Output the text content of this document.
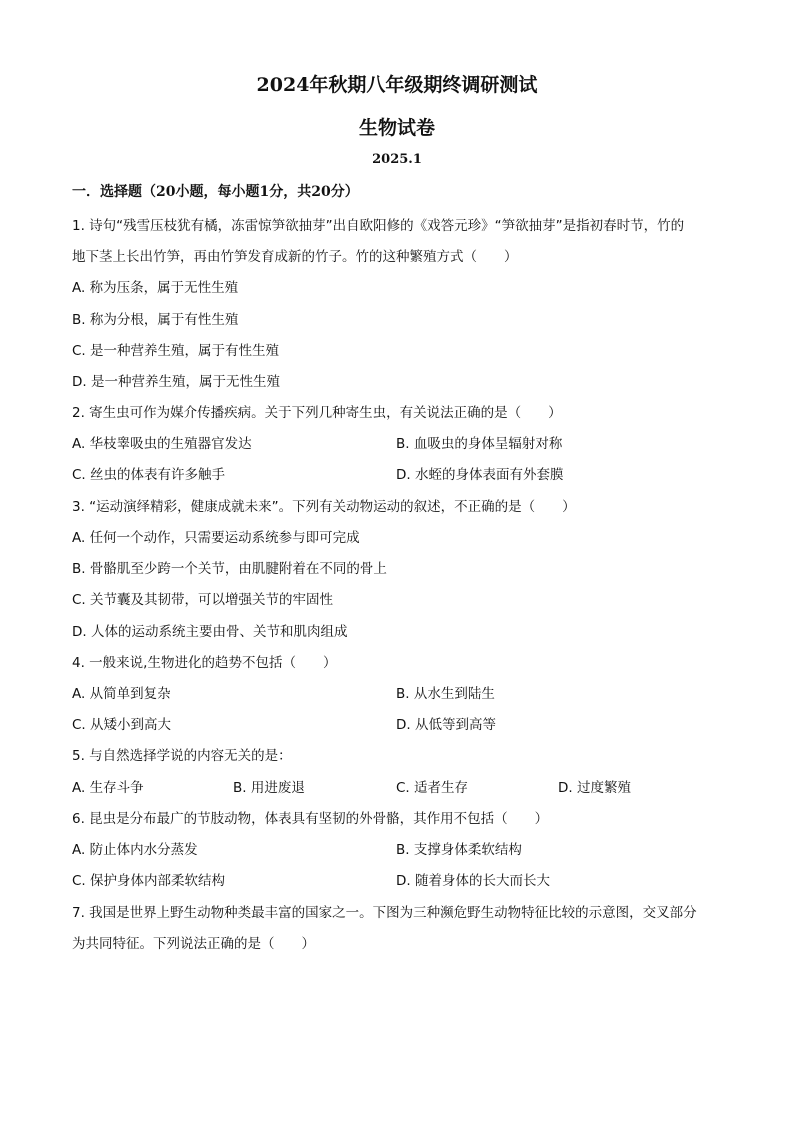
2024年秋期八年级期终调研测试
生物试卷
2025.1
一．选择题（20小题，每小题1分，共20分）
1. 诗句“残雪压枝犹有橘，冻雷惊笋欲抽芽”出自欧阳修的《戏答元珍》“笋欲抽芽”是指初春时节，竹的
地下茎上长出竹笋，再由竹笋发育成新的竹子。竹的这种繁殖方式（　　）
A. 称为压条，属于无性生殖
B. 称为分根，属于有性生殖
C. 是一种营养生殖，属于有性生殖
D. 是一种营养生殖，属于无性生殖
2. 寄生虫可作为媒介传播疾病。关于下列几种寄生虫，有关说法正确的是（　　）
A. 华枝睾吸虫的生殖器官发达	B. 血吸虫的身体呈辐射对称
C. 丝虫的体表有许多触手	D. 水蛭的身体表面有外套膜
3. “运动演绎精彩，健康成就未来”。下列有关动物运动的叙述，不正确的是（　　）
A. 任何一个动作，只需要运动系统参与即可完成
B. 骨骼肌至少跨一个关节，由肌腱附着在不同的骨上
C. 关节囊及其韧带，可以增强关节的牢固性
D. 人体的运动系统主要由骨、关节和肌肉组成
4. 一般来说,生物进化的趋势不包括（　　）
A. 从简单到复杂	B. 从水生到陆生
C. 从矮小到高大	D. 从低等到高等
5. 与自然选择学说的内容无关的是：
A. 生存斗争	B. 用进废退	C. 适者生存	D. 过度繁殖
6. 昆虫是分布最广的节肢动物，体表具有坚韧的外骨骼，其作用不包括（　　）
A. 防止体内水分蒸发	B. 支撑身体柔软结构
C. 保护身体内部柔软结构	D. 随着身体的长大而长大
7. 我国是世界上野生动物种类最丰富的国家之一。下图为三种濒危野生动物特征比较的示意图，交叉部分
为共同特征。下列说法正确的是（　　）
